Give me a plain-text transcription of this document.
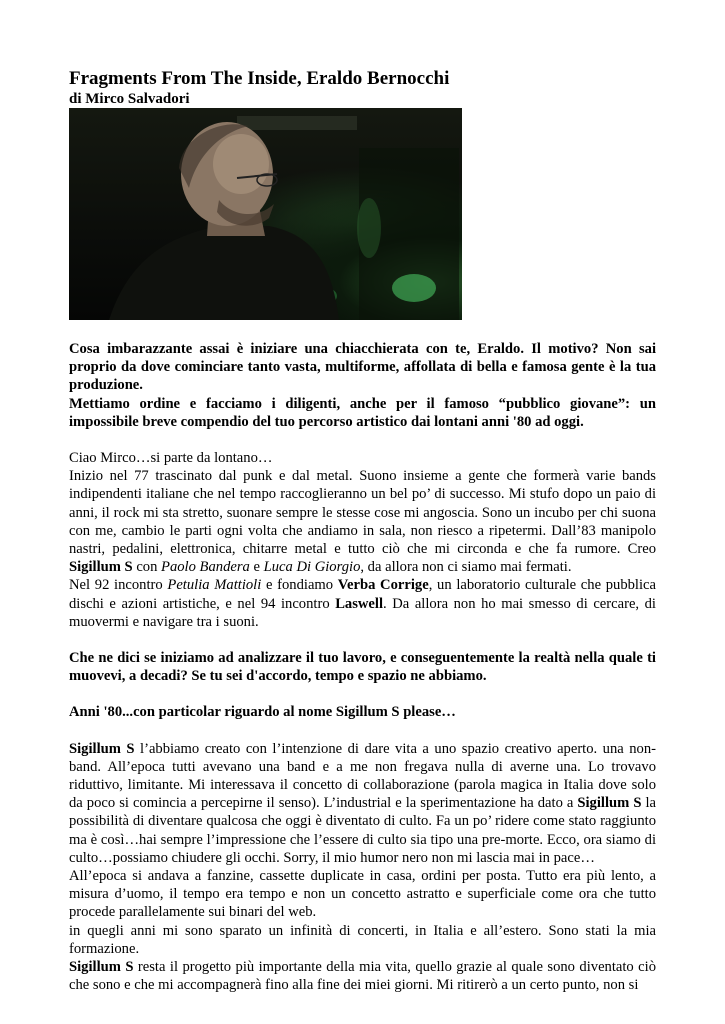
Fragments From The Inside, Eraldo Bernocchi

di Mirco Salvadori

Cosa imbarazzante assai è iniziare una chiacchierata con te, Eraldo. Il motivo? Non sai proprio da dove cominciare tanto vasta, multiforme, affollata di bella e famosa gente è la tua produzione.

Mettiamo ordine e facciamo i diligenti, anche per il famoso “pubblico giovane”: un impossibile breve compendio del tuo percorso artistico dai lontani anni '80 ad oggi.

Ciao Mirco…si parte da lontano…

Inizio nel 77 trascinato dal punk e dal metal. Suono insieme a gente che formerà varie bands indipendenti italiane che nel tempo raccoglieranno un bel po’ di successo. Mi stufo dopo un paio di anni, il rock mi sta stretto, suonare sempre le stesse cose mi angoscia. Sono un incubo per chi suona con me, cambio le parti ogni volta che andiamo in sala, non riesco a ripetermi. Dall’83 manipolo nastri, pedalini, elettronica, chitarre metal e tutto ciò che mi circonda e che fa rumore. Creo Sigillum S con Paolo Bandera e Luca Di Giorgio, da allora non ci siamo mai fermati.

Nel 92 incontro Petulia Mattioli e fondiamo Verba Corrige, un laboratorio culturale che pubblica dischi e azioni artistiche, e nel 94 incontro Laswell. Da allora non ho mai smesso di cercare, di muovermi e navigare tra i suoni.

Che ne dici se iniziamo ad analizzare il tuo lavoro, e conseguentemente la realtà nella quale ti muovevi, a decadi? Se tu sei d'accordo, tempo e spazio ne abbiamo.

Anni '80...con particolar riguardo al nome Sigillum S please…

Sigillum S l’abbiamo creato con l’intenzione di dare vita a uno spazio creativo aperto. una non-band. All’epoca tutti avevano una band e a me non fregava nulla di averne una. Lo trovavo riduttivo, limitante. Mi interessava il concetto di collaborazione (parola magica in Italia dove solo da poco si comincia a percepirne il senso). L’industrial e la sperimentazione ha dato a Sigillum S la possibilità di diventare qualcosa che oggi è diventato di culto. Fa un po’ ridere come stato raggiunto ma è così…hai sempre l’impressione che l’essere di culto sia tipo una pre-morte. Ecco, ora siamo di culto…possiamo chiudere gli occhi. Sorry, il mio humor nero non mi lascia mai in pace…

All’epoca si andava a fanzine, cassette duplicate in casa, ordini per posta. Tutto era più lento, a misura d’uomo, il tempo era tempo e non un concetto astratto e superficiale come ora che tutto procede parallelamente sui binari del web.

in quegli anni mi sono sparato un infinità di concerti, in Italia e all’estero. Sono stati la mia formazione.

Sigillum S resta il progetto più importante della mia vita, quello grazie al quale sono diventato ciò che sono e che mi accompagnerà fino alla fine dei miei giorni. Mi ritirerò a un certo punto, non si
